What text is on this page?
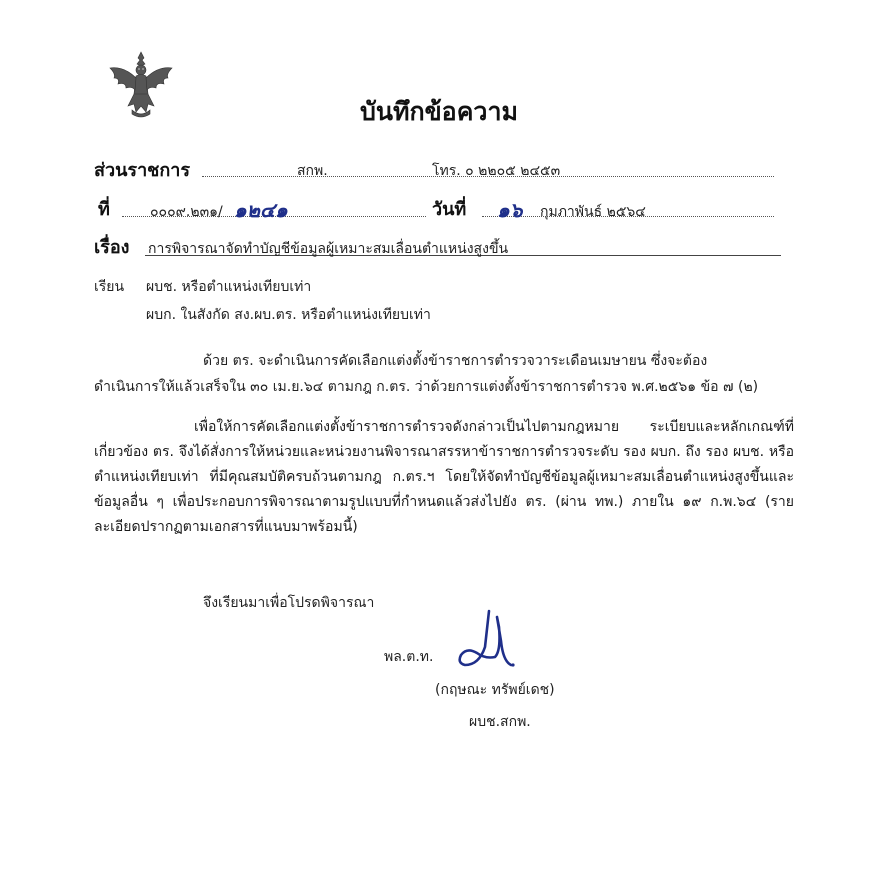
บันทึกข้อความ
ส่วนราชการ	สกพ.	โทร. ๐ ๒๒๐๕ ๒๔๕๓
ที่	๐๐๐๙.๒๓๑/ ๑๒๔๑	วันที่ ๑๖ กุมภาพันธ์ ๒๕๖๔
เรื่อง การพิจารณาจัดทำบัญชีข้อมูลผู้เหมาะสมเลื่อนตำแหน่งสูงขึ้น
เรียน ผบช. หรือตำแหน่งเทียบเท่า
ผบก. ในสังกัด สง.ผบ.ตร. หรือตำแหน่งเทียบเท่า
ด้วย ตร. จะดำเนินการคัดเลือกแต่งตั้งข้าราชการตำรวจวาระเดือนเมษายน ซึ่งจะต้อง
ดำเนินการให้แล้วเสร็จใน ๓๐ เม.ย.๖๔ ตามกฎ ก.ตร. ว่าด้วยการแต่งตั้งข้าราชการตำรวจ พ.ศ.๒๕๖๑ ข้อ ๗ (๒)

เพื่อให้การคัดเลือกแต่งตั้งข้าราชการตำรวจดังกล่าวเป็นไปตามกฎหมาย ระเบียบและหลักเกณฑ์ที่เกี่ยวข้อง ตร. จึงได้สั่งการให้หน่วยและหน่วยงานพิจารณาสรรหาข้าราชการตำรวจระดับ รอง ผบก. ถึง รอง ผบช. หรือตำแหน่งเทียบเท่า ที่มีคุณสมบัติครบถ้วนตามกฎ ก.ตร.ฯ โดยให้จัดทำบัญชีข้อมูลผู้เหมาะสมเลื่อนตำแหน่งสูงขึ้นและข้อมูลอื่น ๆ เพื่อประกอบการพิจารณาตามรูปแบบที่กำหนดแล้วส่งไปยัง ตร. (ผ่าน ทพ.) ภายใน ๑๙ ก.พ.๖๔ (รายละเอียดปรากฏตามเอกสารที่แนบมาพร้อมนี้)

จึงเรียนมาเพื่อโปรดพิจารณา
พล.ต.ท.
(กฤษณะ ทรัพย์เดช)
ผบช.สกพ.
